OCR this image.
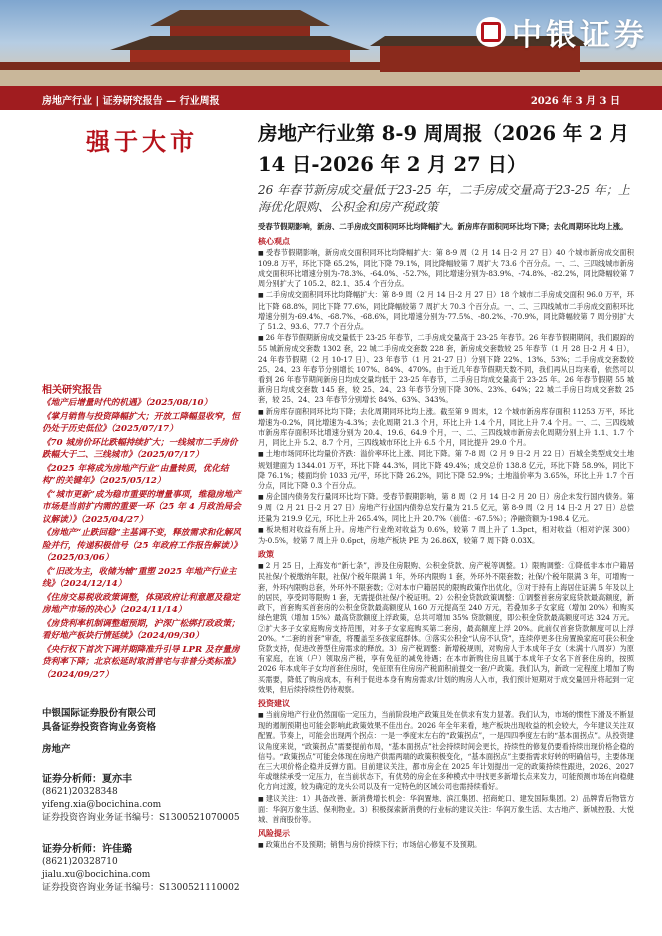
中银证券
房地产行业 | 证券研究报告 — 行业周报	2026 年 3 月 3 日
强于大市
相关研究报告
《地产后增量时代的机遇》（2025/08/10）
《掌月销售与投资降幅扩大；开放工降幅显收窄，恒仍处于历史低位》（2025/07/17）
《70 城房价环比跌幅持续扩大；一线城市二手房价跌幅大于二、三线城市》（2025/07/17）
《2025 年将成为房地产行业“由量转质，优化结构”的关键年》（2025/05/12）
《“城市更新”成为稳市重要的增量事项，维稳房地产市场是当前扩内需的重要一环（25 年 4 月政治局会议解读）》（2025/04/27）
《房地产“止跌回稳”主基调不变，释放需求和化解风险并行，传递积极信号（25 年政府工作报告解读）》（2025/03/06）
《“旧改为主，收储为辅”重塑 2025 年地产行业主线》（2024/12/14）
《住房交易税收政策调整，体现政府让利意愿及稳定房地产市场的决心》（2024/11/14）
《房贷利率机制调整超预期，沪深广松绑打政政策；看好地产板块行情延续》（2024/09/30）
《央行权下首次下调并期降准升引导 LPR 及存量房贷利率下降；北京松延时取消普宅与非普分类标准》（2024/09/27）
中银国际证券股份有限公司
具备证券投资咨询业务资格
房地产
证券分析师：夏亦丰
(8621)20328348
yifeng.xia@bocichina.com
证券投资咨询业务证书编号：S1300521070005
证券分析师：许佳璐
(8621)20328710
jialu.xu@bocichina.com
证券投资咨询业务证书编号：S1300521110002
房地产行业第 8-9 周周报（2026 年 2 月 14 日-2026 年 2 月 27 日）
26 年春节新房成交量低于23-25 年，二手房成交量高于23-25 年；上海优化限购、公积金和房产税政策
受春节假期影响，新房、二手房成交面积同环比均降幅扩大。新房库存面积同环比均下降；去化周期环比均上涨。
核心观点
■ 受春节假期影响，新房成交面积同环比均降幅扩大：第 8-9 周（2 月 14 日-2 月 27 日）40 个城市新房成交面积 109.8 万平，环比下降 65.2%，同比下降 79.1%，同比降幅较第 7 周扩大 73.6 个百分点。一、二、三四线城市新房成交面积环比增速分别为-78.3%、-64.0%、-52.7%，同比增速分别为-83.9%、-74.8%、-82.2%，同比降幅较第 7 周分别扩大了 105.2、82.1、35.4 个百分点。
■ 二手房成交面积同环比均降幅扩大：第 8-9 周（2 月 14 日-2 月 27 日）18 个城市二手房成交面积 96.0 万平，环比下降 68.8%，同比下降 77.6%，同比降幅较第 7 周扩大 70.3 个百分点。一、二、三四线城市二手房成交面积环比增速分别为-69.4%、-68.7%、-68.6%，同比增速分别为-77.5%、-80.2%、-70.9%，同比降幅较第 7 周分别扩大了 51.2、93.6、77.7 个百分点。
■ 26 年春节假期新房成交量低于 23-25 年春节，二手房成交量高于 23-25 年春节。26 年春节假期期间，我们跟踪的 55 城新房成交套数 1302 套，22 城二手房成交套数 228 套，新房成交套数较 25 年春节（1 月 28 日-2 月 4 日），24 年春节假期（2 月 10-17 日）、23 年春节（1 月 21-27 日）分别下降 22%、13%、53%；二手房成交套数较 25、24、23 年春节分别增长 107%、84%、470%。由于近几年春节假期天数不同，我们再从日均来看，依然可以看到 26 年春节期间新房日均成交量均低于 23-25 年春节，二手房日均成交量高于 23-25 年。26 年春节假期 55 城新房日均成交套数 145 套，较 25、24、23 年春节分别下降 30%、23%、64%；22 城二手房日均成交套数 25 套，较 25、24、23 年春节分别增长 84%、63%、343%。
■ 新房库存面积同环比均下降；去化周期同环比均上涨。截至第 9 周末，12 个城市新房库存面积 11253 万平，环比增速为-0.2%，同比增速为-4.3%；去化周期 21.3 个月，环比上升 1.4 个月，同比上升 7.4 个月。一、二、三四线城市新房库存面积环比增速分别为 20.4、19.6、64.9 个月，一、二、三四线城市新房去化周期分别上升 1.1、1.7 个月，同比上升 5.2、8.7 个月，三四线城市环比上升 6.5 个月，同比提升 29.0 个月。
■ 土地市场同环比均量价齐跌：溢价率环比上涨、同比下降。第 7-8 周（2 月 9 日-2 月 22 日）百城全类型成交土地规划建面为 1344.01 万平，环比下降 44.3%，同比下降 49.4%；成交总价 138.8 亿元，环比下降 58.9%，同比下降 76.1%；楼面均价 1033 元/平，环比下降 26.2%，同比下降 52.9%；土地溢价率为 3.65%，环比上升 1.7 个百分点，同比下降 0.3 个百分点。
■ 房企国内债务发行量同环比均下降。受春节假期影响，第 8 周（2 月 14 日-2 月 20 日）房企未发行国内债务。第 9 周（2 月 21 日-2 月 27 日）房地产行业国内债券总发行量为 21.5 亿元，第 8-9 周（2 月 14 日-2 月 27 日）总偿还量为 219.9 亿元，环比上升 265.4%，同比上升 20.7%（前值：-67.5%）；净融资额为-198.4 亿元。
■ 板块相对收益有所上升。房地产行业绝对收益为 0.6%，较第 7 周上升了 1.3pct，相对收益（相对沪深 300）为-0.5%，较第 7 周上升 0.6pct，房地产板块 PE 为 26.86X，较第 7 周下降 0.03X。
政策
■ 2 月 25 日，上海发布“新七条”，涉及住房限购、公积金贷款、房产税等调整。1）限购调整：①降低非本市户籍居民社保/个税缴纳年限，社保/个税年限满 1 年，外环内限购 1 套，外环外不限套数；社保/个税年限满 3 年，可增购一套，外环内限购总套，外环外不限套数；②对本市户籍居民的限购政策作出优化，③对于持有上海居住证满 5 年及以上的居民，享受同等限购 1 套，无需提供社保/个税证明。2）公积金贷款政策调整：①调整首套房家庭贷款最高额度，新政下，首套购买首套房的公积金贷款最高额度从 160 万元提高至 240 万元，若叠加多子女家庭（增加 20%）和购买绿色建筑（增加 15%）最高贷款额度上浮政策，总共可增加 35% 贷款额度，即公积金贷款最高额度可达 324 万元。②扩大多子女家庭购房支持范围，对多子女家庭购买第二套房，最高额度上浮 20%。此前仅首套贷款额度可以上浮 20%。“二套的首套”审查，将覆盖至多孩家庭群体。③落实公积金“认房不认贷”，连续停更多住房置换家庭可获公积金贷款支持，促进改善型住房需求的释放。3）房产税调整：新增税规则，对购房人于本成年子女（未满十八周岁）为原有家庭，在该（户）领取房产税，享有免征的减免待遇；在本市新购住房且属于本成年子女名下首套住房的，按照 2026 年本成年子女均首套住房时，免征原有住房房产税面积前提交一套/户政策。我们认为，新政一定程度上增加了购买需要，降低了购房成本，有利于促进本身有购房需求/计划的购房人入市，我们预计短期对于成交量回升将起到一定效果，但后续持续性仍待观察。
投资建议
■ 当前房地产行业仍然面临一定压力，当前阶段地产政策且处在供求有发力显著。我们认为，市场的惯性下滑及不断显现的遏制预期也可能会影响此政策效果不佳出台。2026 年全年来看，地产板块出现收益的机会较大，今年建议关注双配置。节奏上，可能会出现两个拐点：一是一季度末左右的“政策拐点”，一是四四季度左右的“基本面拐点”。从投资建议角度来说，“政策拐点”需要提前布局，“基本面拐点”社会持续时间会更长，持续性的修复仍要看持续出现价格企稳的信号。“政策拐点”可能会体现在房地产供需两端的政策积极变化，“基本面拐点”主要指需求好转的明确信号，主要体现在三大项价格企稳并反弹方面。目前建议关注，都市房企在 2025 年计划提出一定的政策持续性跟进，2026、2027 年或继续承受一定压力，在当前状态下，有优势的房企在多种模式中寻找更多新增长点来发力，可能预测市场在向稳健化方向过渡，较为确定的龙头公司以及有一定特色的区域公司也需持续看好。
■ 建议关注：1）具备改善、新消费增长机会：华润置地、滨江集团、招商蛇口、建发国际集团。2）品牌背后物管方面：华润万象生活、保利物业。3）积极探索新消费的行业标的建议关注：华润万象生活、太古地产、新城控股、大悦城、首商股份等。
风险提示
■ 政策出台不及预期；销售与房价持续下行；市场信心修复不及预期。
